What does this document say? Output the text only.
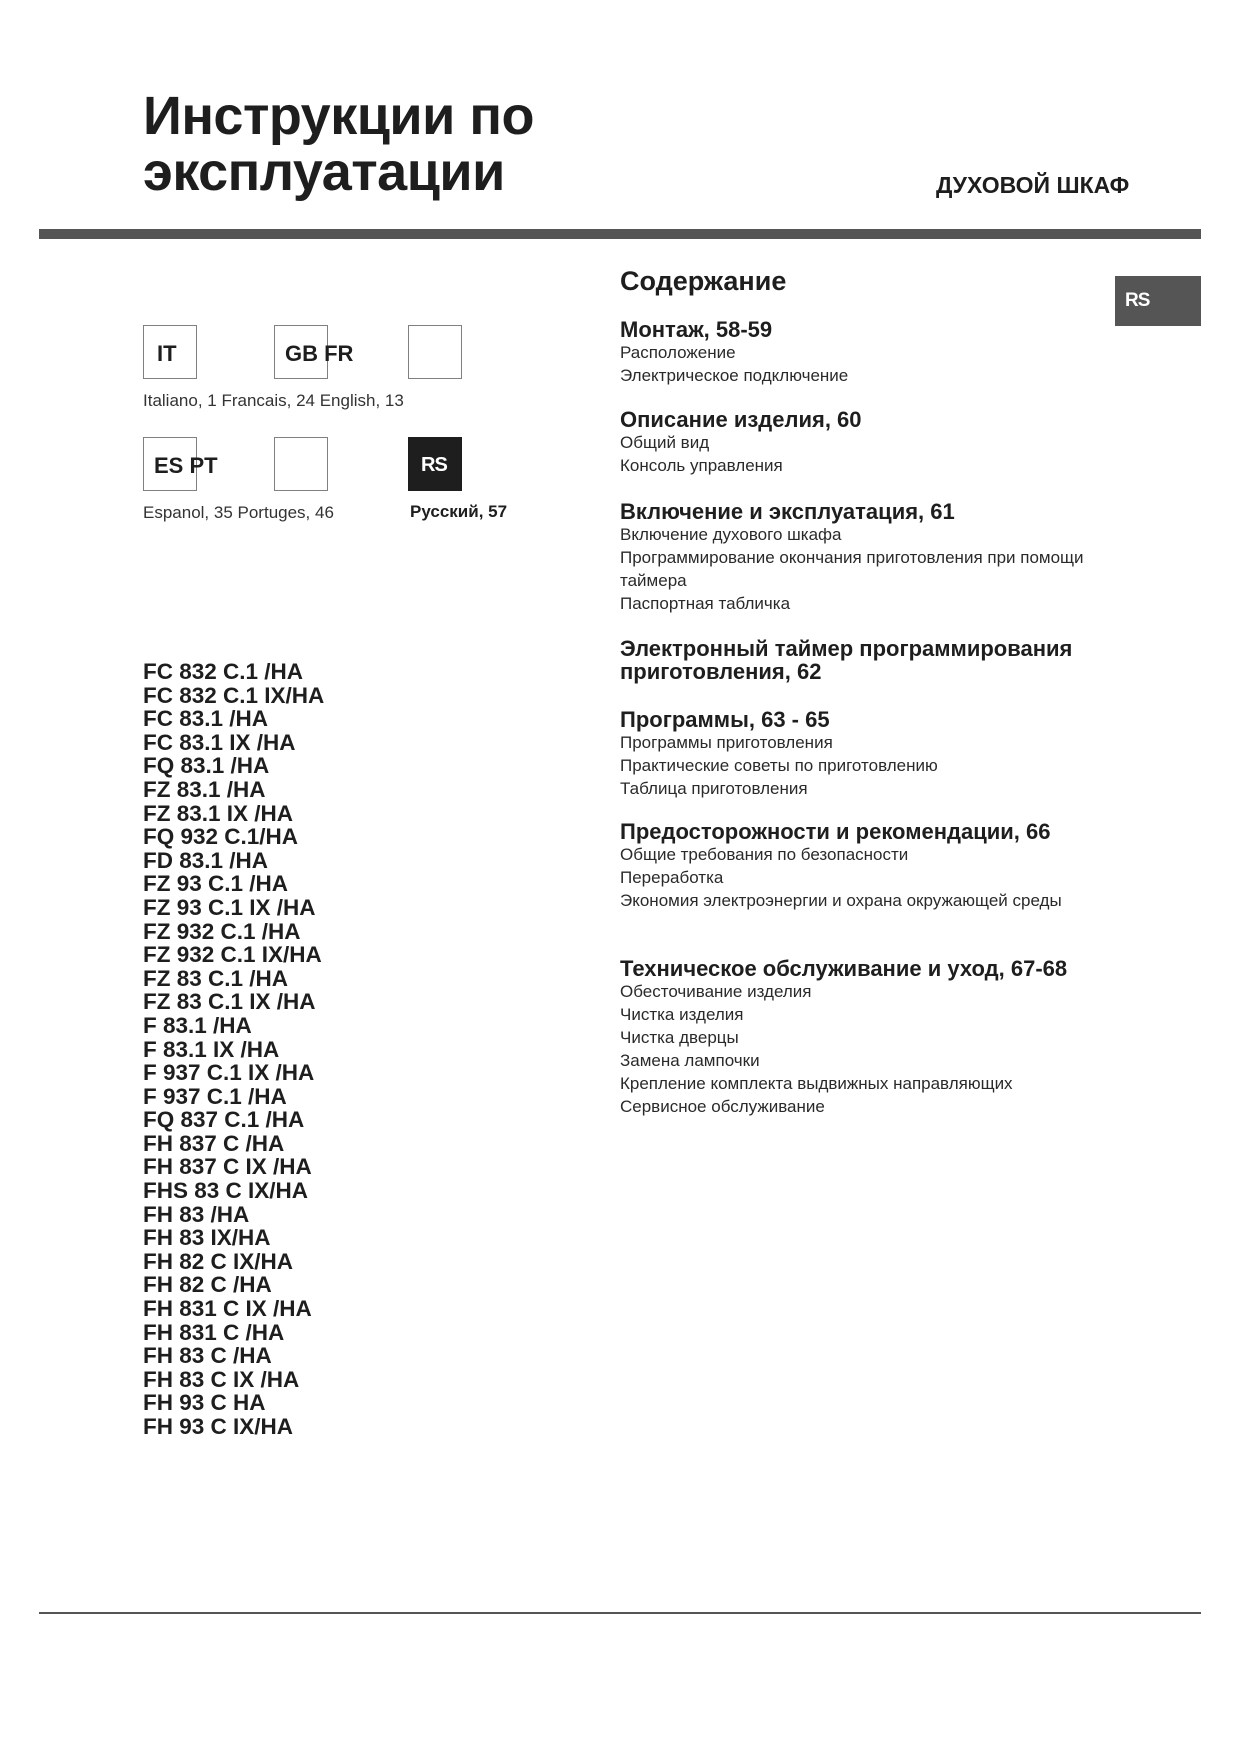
Инструкции по
эксплуатации	ДУХОВОЙ ШКАФ
IT	GB FR
Italiano, 1 Franсais, 24 English, 13
ES PT	RS
Espanol, 35 Portuges, 46	Русский, 57
FC 832 C.1 /HA
FC 832 C.1 IX/HA
FC 83.1 /HA
FC 83.1 IX /HA
FQ 83.1 /HA
FZ 83.1 /HA
FZ 83.1 IX /HA
FQ 932 C.1/HA
FD 83.1 /HA
FZ 93 C.1 /HA
FZ 93 C.1 IX /HA
FZ 932 C.1 /HA
FZ 932 C.1 IX/HA
FZ 83 C.1 /HA
FZ 83 C.1 IX /HA
F 83.1 /HA
F 83.1 IX /HA
F 937 C.1 IX /HA
F 937 C.1 /HA
FQ 837 C.1 /HA
FH 837 C /HA
FH 837 C IX /HA
FHS 83 C IX/HA
FH 83 /HA
FH 83 IX/HA
FH 82 C IX/HA
FH 82 C /HA
FH 831 C IX /HA
FH 831 C /HA
FH 83 C /HA
FH 83 C IX /HA
FH 93 C HA
FH 93 C IX/HA
Содержание
Монтаж, 58-59
Расположение
Электрическое подключение
Описание изделия, 60
Общий вид
Консоль управления
Включение и эксплуатация, 61
Включение духового шкафа
Программирование окончания приготовления при помощи таймера
Паспортная табличка
Электронный таймер программирования приготовления, 62
Программы, 63 - 65
Программы приготовления
Практические советы по приготовлению
Таблица приготовления
Предосторожности и рекомендации, 66
Общие требования по безопасности
Переработка
Экономия электроэнергии и охрана окружающей среды
Техническое обслуживание и уход, 67-68
Обесточивание изделия
Чистка изделия
Чистка дверцы
Замена лампочки
Крепление комплекта выдвижных направляющих
Сервисное обслуживание
RS
